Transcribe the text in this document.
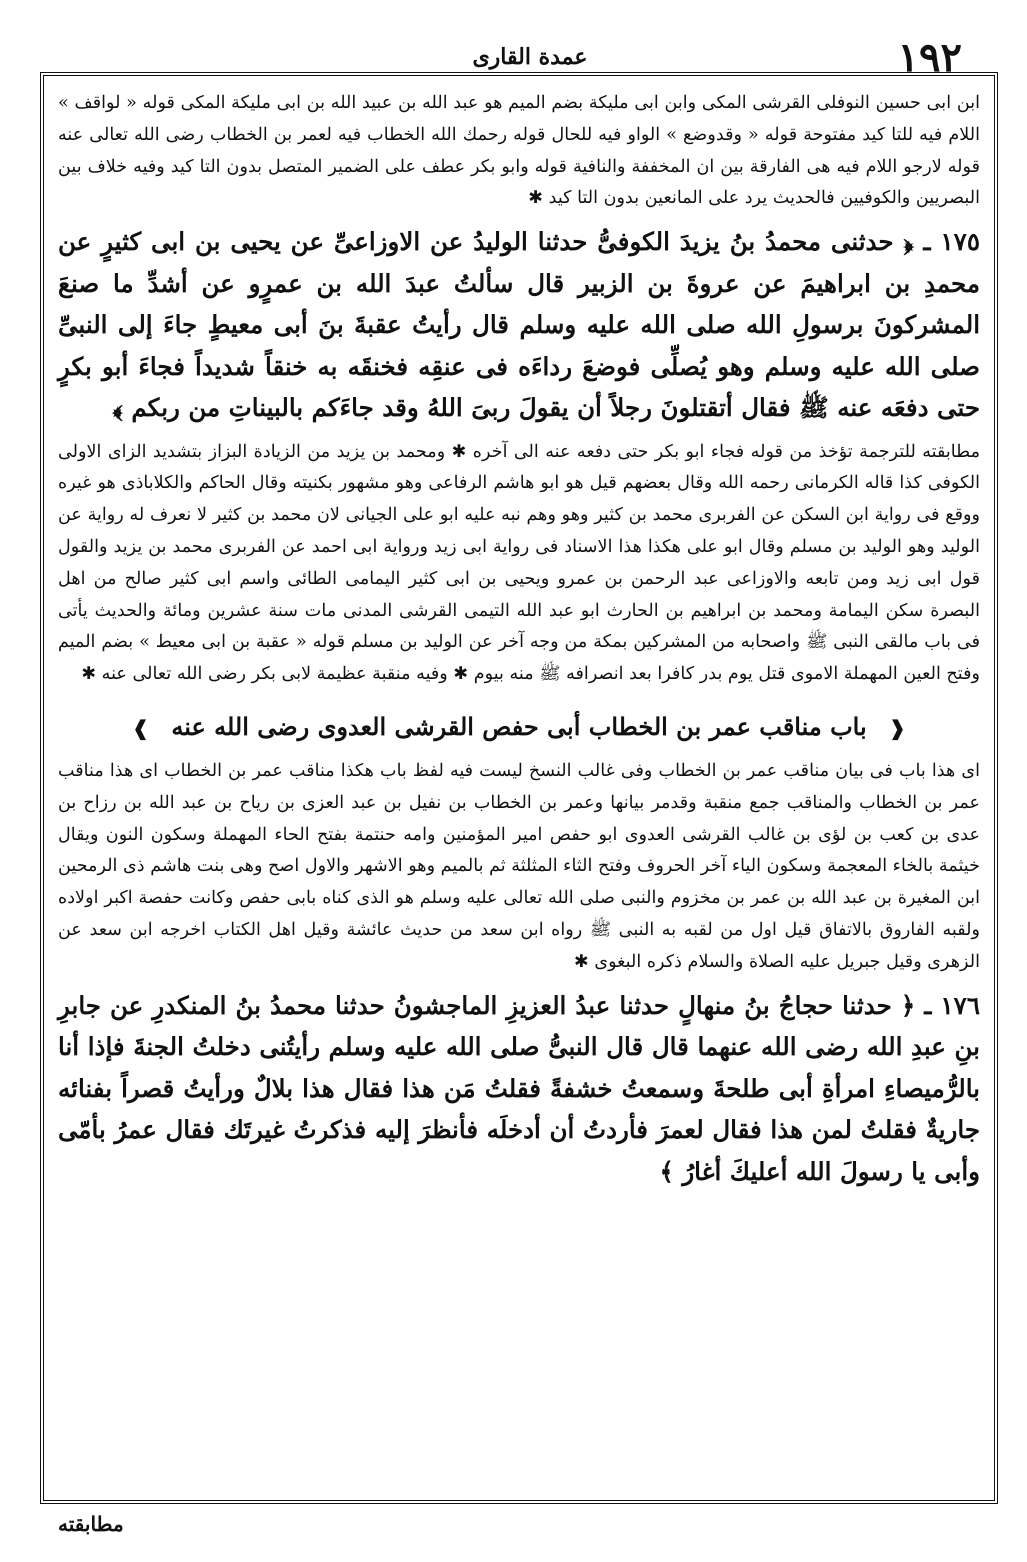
١٩٢
عمدة القارى

ابن ابى حسين النوفلى القرشى المكى وابن ابى مليكة بضم الميم هو عبد الله بن عبيد الله بن ابى مليكة المكى قوله « لواقف » اللام فيه للتا كيد مفتوحة قوله « وقدوضع » الواو فيه للحال قوله رحمك الله الخطاب فيه لعمر بن الخطاب رضى الله تعالى عنه قوله لارجو اللام فيه هى الفارقة بين ان المخففة والنافية قوله وابو بكر عطف على الضمير المتصل بدون التا كيد وفيه خلاف بين البصريين والكوفيين فالحديث يرد على المانعين بدون التا كيد ✱

١٧٥ ـ ﴿ حدثنى محمدُ بنُ يزيدَ الكوفىُّ حدثنا الوليدُ عن الاوزاعىِّ عن يحيى بن ابى كثيرٍ عن محمدِ بن ابراهيمَ عن عروةَ بن الزبير قال سألتُ عبدَ الله بن عمرٍو عن أشدِّ ما صنعَ المشركونَ برسولِ الله صلى الله عليه وسلم قال رأيتُ عقبةَ بنَ أبى معيطٍ جاءَ إلى النبىِّ صلى الله عليه وسلم وهو يُصلِّى فوضعَ رداءَه فى عنقِه فخنقَه به خنقاً شديداً فجاءَ أبو بكرٍ حتى دفعَه عنه ﷺ فقال أتقتلونَ رجلاً أن يقولَ ربىَ اللهُ وقد جاءَكم بالبيناتِ من ربكم ﴾

مطابقته للترجمة تؤخذ من قوله فجاء ابو بكر حتى دفعه عنه الى آخره ✱ ومحمد بن يزيد من الزيادة البزاز بتشديد الزاى الاولى الكوفى كذا قاله الكرمانى رحمه الله وقال بعضهم قيل هو ابو هاشم الرفاعى وهو مشهور بكنيته وقال الحاكم والكلاباذى هو غيره ووقع فى رواية ابن السكن عن الفربرى محمد بن كثير وهو وهم نبه عليه ابو على الجيانى لان محمد بن كثير لا نعرف له رواية عن الوليد وهو الوليد بن مسلم وقال ابو على هكذا هذا الاسناد فى رواية ابى زيد ورواية ابى احمد عن الفربرى محمد بن يزيد والقول قول ابى زيد ومن تابعه والاوزاعى عبد الرحمن بن عمرو ويحيى بن ابى كثير اليمامى الطائى واسم ابى كثير صالح من اهل البصرة سكن اليمامة ومحمد بن ابراهيم بن الحارث ابو عبد الله التيمى القرشى المدنى مات سنة عشرين ومائة والحديث يأتى فى باب مالقى النبى ﷺ واصحابه من المشركين بمكة من وجه آخر عن الوليد بن مسلم قوله « عقبة بن ابى معيط » بضم الميم وفتح العين المهملة الاموى قتل يوم بدر كافرا بعد انصرافه ﷺ منه بيوم ✱ وفيه منقبة عظيمة لابى بكر رضى الله تعالى عنه ✱

❰ باب مناقب عمر بن الخطاب أبى حفص القرشى العدوى رضى الله عنه ❱

اى هذا باب فى بيان مناقب عمر بن الخطاب وفى غالب النسخ ليست فيه لفظ باب هكذا مناقب عمر بن الخطاب اى هذا مناقب عمر بن الخطاب والمناقب جمع منقبة وقدمر بيانها وعمر بن الخطاب بن نفيل بن عبد العزى بن رياح بن عبد الله بن رزاح بن عدى بن كعب بن لؤى بن غالب القرشى العدوى ابو حفص امير المؤمنين وامه حنتمة بفتح الحاء المهملة وسكون النون ويقال خيثمة بالخاء المعجمة وسكون الياء آخر الحروف وفتح الثاء المثلثة ثم بالميم وهو الاشهر والاول اصح وهى بنت هاشم ذى الرمحين ابن المغيرة بن عبد الله بن عمر بن مخزوم والنبى صلى الله تعالى عليه وسلم هو الذى كناه بابى حفص وكانت حفصة اكبر اولاده ولقبه الفاروق بالاتفاق قيل اول من لقبه به النبى ﷺ رواه ابن سعد من حديث عائشة وقيل اهل الكتاب اخرجه ابن سعد عن الزهرى وقيل جبريل عليه الصلاة والسلام ذكره البغوى ✱

١٧٦ ـ ﴿ حدثنا حجاجُ بنُ منهالٍ حدثنا عبدُ العزيزِ الماجشونُ حدثنا محمدُ بنُ المنكدرِ عن جابرِ بنِ عبدِ الله رضى الله عنهما قال قال النبىُّ صلى الله عليه وسلم رأيتُنى دخلتُ الجنةَ فإذا أنا بالرُّميصاءِ امرأةِ أبى طلحةَ وسمعتُ خشفةً فقلتُ مَن هذا فقال هذا بلالٌ ورأيتُ قصراً بفنائه جاريةٌ فقلتُ لمن هذا فقال لعمرَ فأردتُ أن أدخلَه فأنظرَ إليه فذكرتُ غيرتَك فقال عمرُ بأمّى وأبى يا رسولَ الله أعليكَ أغارُ ﴾

مطابقته
